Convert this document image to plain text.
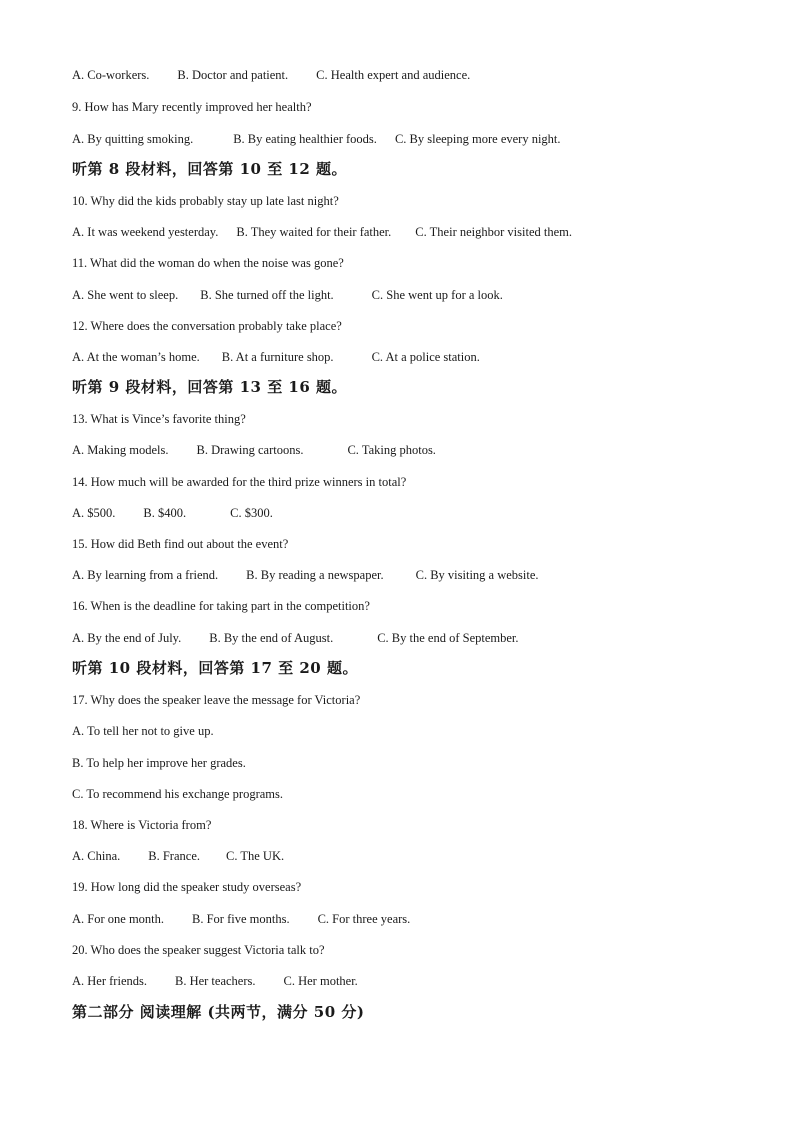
A. Co-workers. B. Doctor and patient. C. Health expert and audience.
9. How has Mary recently improved her health?
A. By quitting smoking.	B. By eating healthier foods. C. By sleeping more every night.
听第 8 段材料，回答第 10 至 12 题。
10. Why did the kids probably stay up late last night?
A. It was weekend yesterday. B. They waited for their father. C. Their neighbor visited them.
11. What did the woman do when the noise was gone?
A. She went to sleep. B. She turned off the light.	C. She went up for a look.
12. Where does the conversation probably take place?
A. At the woman’s home. B. At a furniture shop.	C. At a police station.
听第 9 段材料，回答第 13 至 16 题。
13. What is Vince’s favorite thing?
A. Making models. B. Drawing cartoons.	C. Taking photos.
14. How much will be awarded for the third prize winners in total?
A. $500. B. $400.	C. $300.
15. How did Beth find out about the event?
A. By learning from a friend. B. By reading a newspaper.	C. By visiting a website.
16. When is the deadline for taking part in the competition?
A. By the end of July. B. By the end of August.	C. By the end of September.
听第 10 段材料，回答第 17 至 20 题。
17. Why does the speaker leave the message for Victoria?
A. To tell her not to give up.
B. To help her improve her grades.
C. To recommend his exchange programs.
18. Where is Victoria from?
A. China. B. France. C. The UK.
19. How long did the speaker study overseas?
A. For one month. B. For five months. C. For three years.
20. Who does the speaker suggest Victoria talk to?
A. Her friends. B. Her teachers. C. Her mother.
第二部分 阅读理解 (共两节，满分 50 分)
